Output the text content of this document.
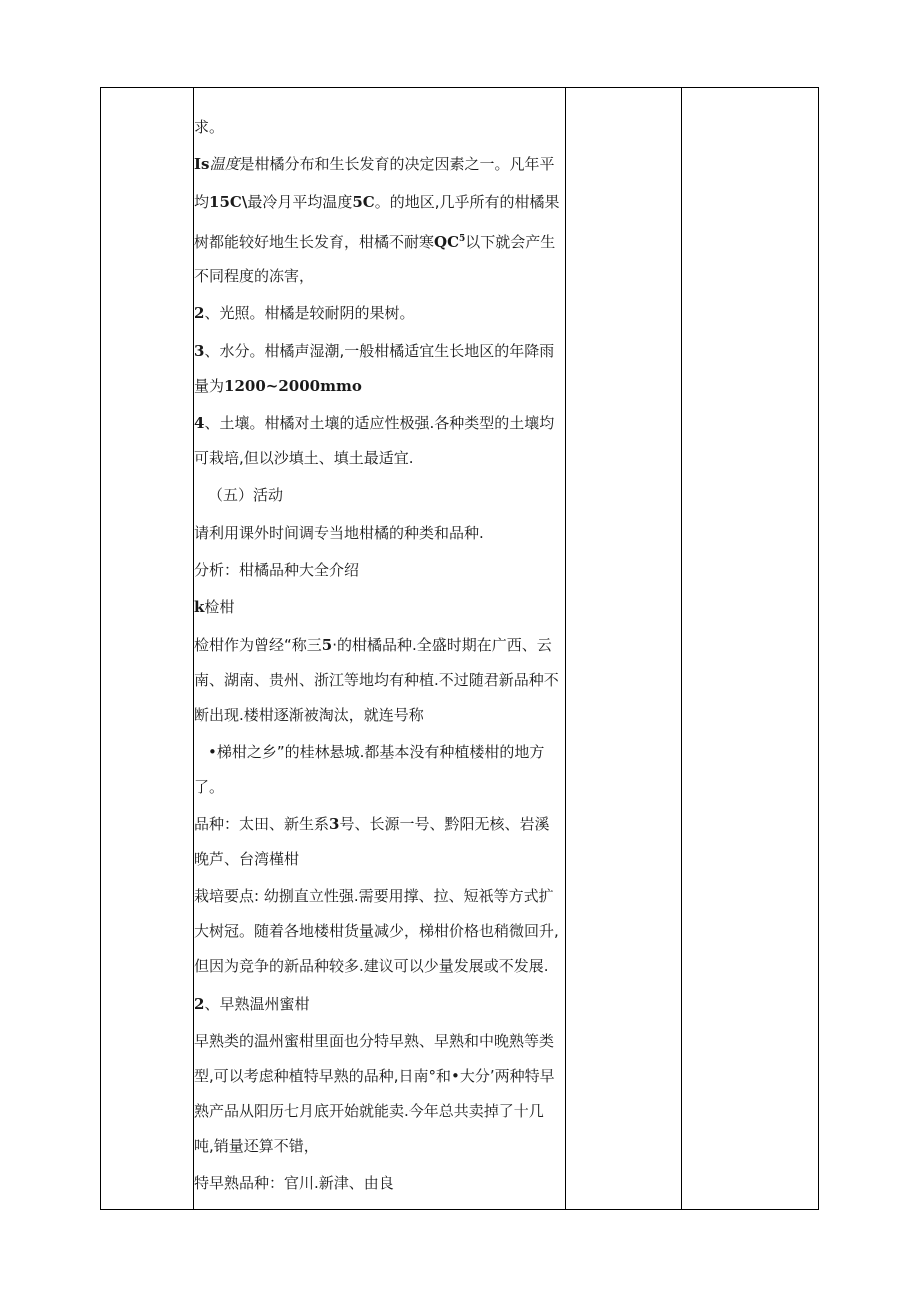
求。
Is温度是柑橘分布和生长发育的决定因素之一。凡年平
均15C\最冷月平均温度5C。的地区,几乎所有的柑橘果
树都能较好地生长发育，柑橘不耐寒$QC^5$以下就会产生
不同程度的冻害，
2、光照。柑橘是较耐阴的果树。
3、水分。柑橘声湿潮,一般柑橘适宜生长地区的年降雨
量为1200~2000mmo
4、土壤。柑橘对土壤的适应性极强.各种类型的土壤均
可栽培,但以沙填土、填土最适宜.
（五）活动
请利用课外时间调专当地柑橘的种类和品种.
分析：柑橘品种大全介绍
k检柑
检柑作为曾经“称三5·的柑橘品种.全盛时期在广西、云
南、湖南、贵州、浙江等地均有种植.不过随君新品种不
断出现.楼柑逐渐被淘汰，就连号称
•梯柑之乡”的桂林悬城.都基本没有种植楼柑的地方
了。
品种：太田、新生系3号、长源一号、黔阳无核、岩溪
晚芦、台湾槿柑
栽培要点: 幼捌直立性强.需要用撑、拉、短祇等方式扩
大树冠。随着各地楼柑货量减少，梯柑价格也稍微回升,
但因为竞争的新品种较多.建议可以少量发展或不发展.
2、早熟温州蜜柑
早熟类的温州蜜柑里面也分特早熟、早熟和中晚熟等类
型,可以考虑种植特早熟的品种,日南°和•大分’两种特早
熟产品从阳历七月底开始就能卖.今年总共卖掉了十几
吨,销量还算不错，
特早熟品种：官川.新津、由良
